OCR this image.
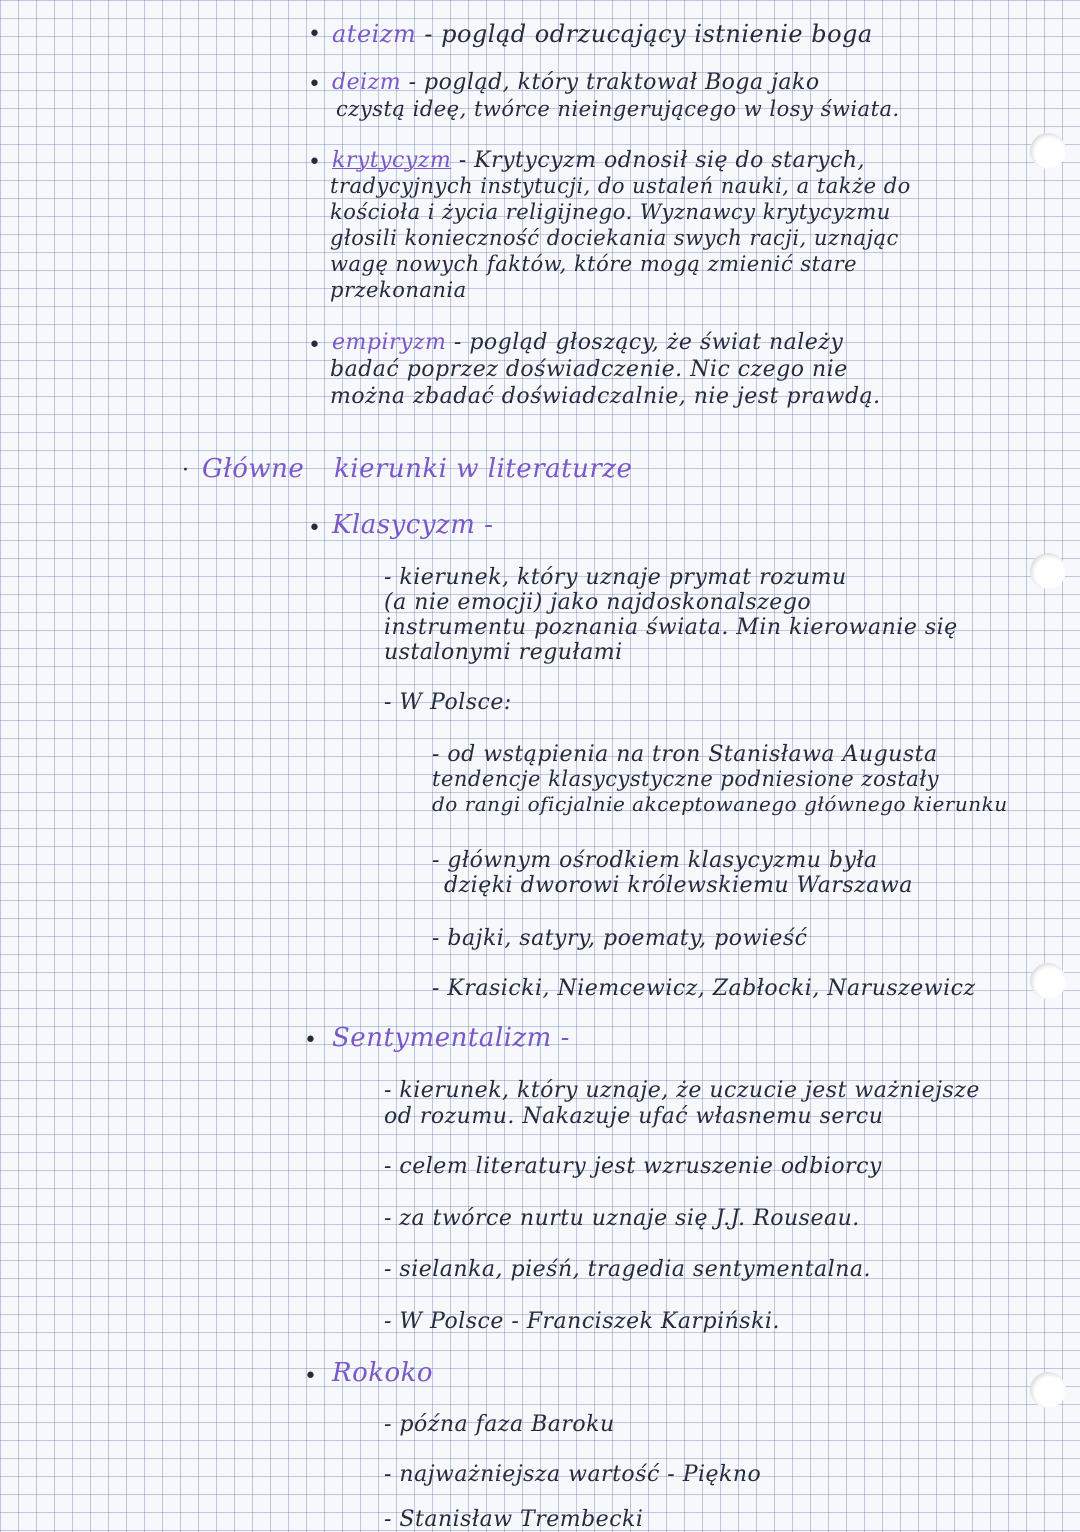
• ateizm - pogląd odrzucający istnienie boga
• deizm - pogląd, który traktował Boga jako
czystą ideę, twórce nieingerującego w losy świata.
• krytycyzm - Krytycyzm odnosił się do starych,
tradycyjnych instytucji, do ustaleń nauki, a także do
kościoła i życia religijnego. Wyznawcy krytycyzmu
głosili konieczność dociekania swych racji, uznając
wagę nowych faktów, które mogą zmienić stare
przekonania
• empiryzm - pogląd głoszący, że świat należy
badać poprzez doświadczenie. Nic czego nie
można zbadać doświadczalnie, nie jest prawdą.
· Główne kierunki w literaturze
• Klasycyzm -
- kierunek, który uznaje prymat rozumu
(a nie emocji) jako najdoskonalszego
instrumentu poznania świata. Min kierowanie się
ustalonymi regułami
- W Polsce:
- od wstąpienia na tron Stanisława Augusta
tendencje klasycystyczne podniesione zostały
do rangi oficjalnie akceptowanego głównego kierunku
- głównym ośrodkiem klasycyzmu była
dzięki dworowi królewskiemu Warszawa
- bajki, satyry, poematy, powieść
- Krasicki, Niemcewicz, Zabłocki, Naruszewicz
• Sentymentalizm -
- kierunek, który uznaje, że uczucie jest ważniejsze
od rozumu. Nakazuje ufać własnemu sercu
- celem literatury jest wzruszenie odbiorcy
- za twórce nurtu uznaje się J.J. Rouseau.
- sielanka, pieśń, tragedia sentymentalna.
- W Polsce - Franciszek Karpiński.
• Rokoko
- późna faza Baroku
- najważniejsza wartość - Piękno
- Stanisław Trembecki
